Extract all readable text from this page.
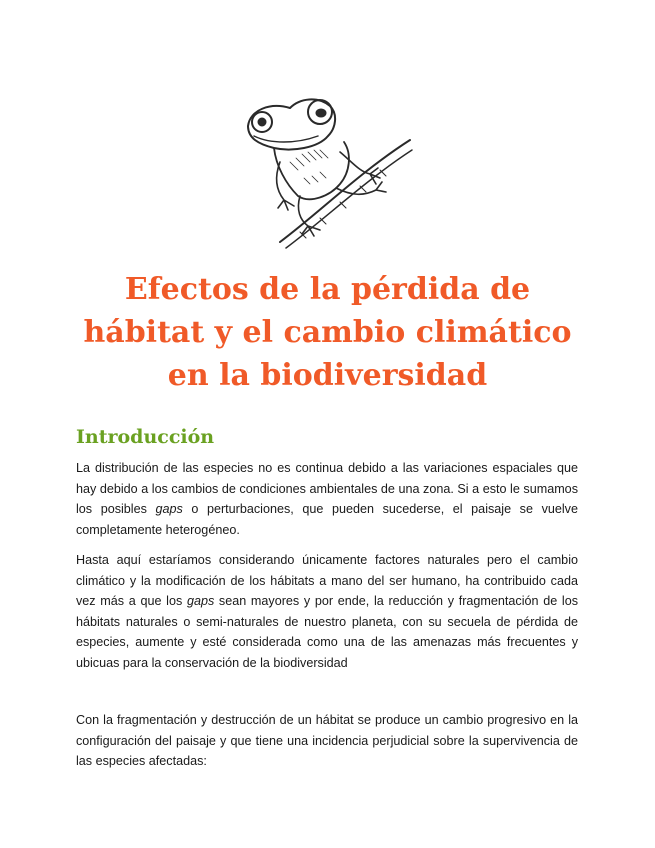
Efectos de la pérdida de
hábitat y el cambio climático
en la biodiversidad
Introducción

La distribución de las especies no es continua debido a las variaciones espaciales que hay debido a los cambios de condiciones ambientales de una zona. Si a esto le sumamos los posibles gaps o perturbaciones, que pueden sucederse, el paisaje se vuelve completamente heterogéneo.

Hasta aquí estaríamos considerando únicamente factores naturales pero el cambio climático y la modificación de los hábitats a mano del ser humano, ha contribuido cada vez más a que los gaps sean mayores y por ende, la reducción y fragmentación de los hábitats naturales o semi-naturales de nuestro planeta, con su secuela de pérdida de especies, aumente y esté considerada como una de las amenazas más frecuentes y ubicuas para la conservación de la biodiversidad

Con la fragmentación y destrucción de un hábitat se produce un cambio progresivo en la configuración del paisaje y que tiene una incidencia perjudicial sobre la supervivencia de las especies afectadas:
